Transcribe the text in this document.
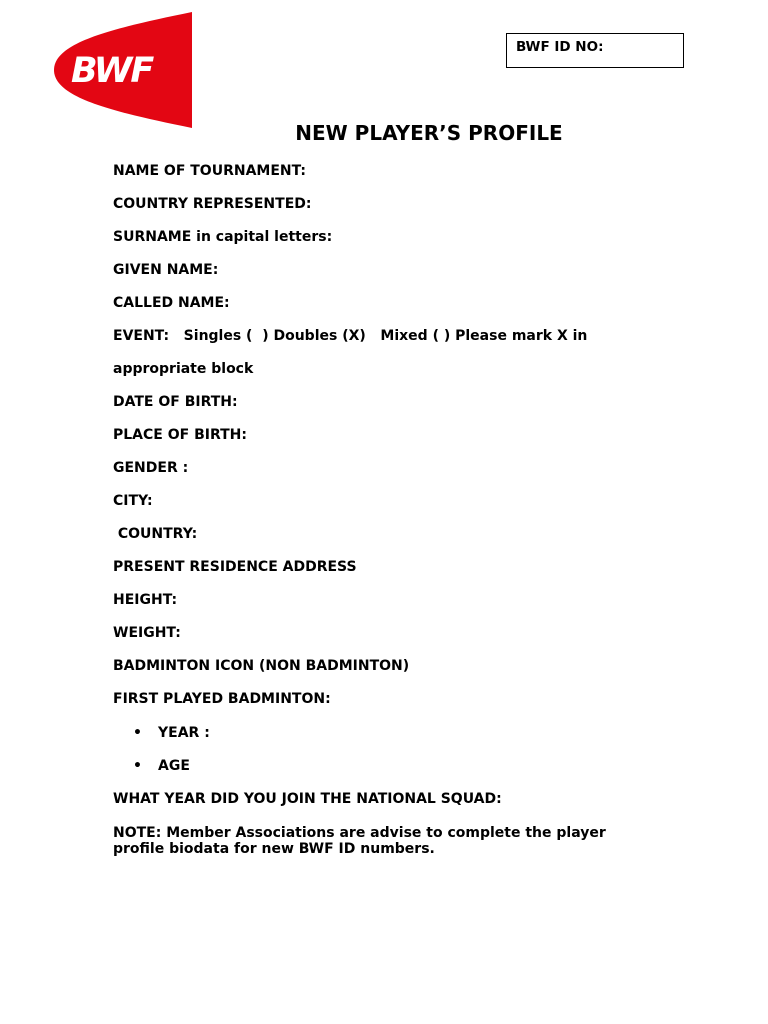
BWF
BWF ID NO:
NEW PLAYER’S PROFILE

NAME OF TOURNAMENT:

COUNTRY REPRESENTED:

SURNAME in capital letters:

GIVEN NAME:

CALLED NAME:

EVENT:   Singles (  ) Doubles (X)   Mixed ( ) Please mark X in

appropriate block

DATE OF BIRTH:

PLACE OF BIRTH:

GENDER :

CITY:

COUNTRY:

PRESENT RESIDENCE ADDRESS

HEIGHT:

WEIGHT:

BADMINTON ICON (NON BADMINTON)

FIRST PLAYED BADMINTON:

• YEAR :

• AGE

WHAT YEAR DID YOU JOIN THE NATIONAL SQUAD:

NOTE: Member Associations are advise to complete the player profile biodata for new BWF ID numbers.
